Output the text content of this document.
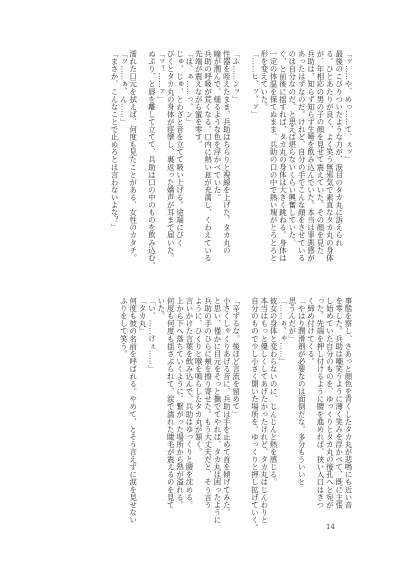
「ッ……や、めっ……て、ぇッ」
最後のこびりついたような力が、涙目のタカ丸に訴えられ
る。ひとあたりが良く、よく笑う無邪気で素直なタカ丸の身体
が、年相応の男の子の顔を見せて震えていた。その顔を見た
兵助は、知らず知らず生唾を飲み込んでいた。本当は罪悪感が
あったはずなのだ。けれど、自分の手でこんな顔をさせている
のは自分なのだ、と思えば堪らないくらい興奮していた。
ぐ、と前後に揺すれば、タカ丸の身体は大きく跳ねる。身体は
一定の体温を保てぬまま、兵助の口の中で熱い塊がとろとろと
形を変えていた。
「……ヒ、ッ、ァ」
「ふ……ンッ」
性器を咥えたまま、兵助はちらりと視線を上げた。タカ丸の
瞳が潤んで、縋るような色を浮かべていた。
兵助の呼吸が荒くなる。口内に熱い息が充満し、くわえている
先端が震えながら蜜を零す。
「は、ぁ……っ、ン」
じゅ、じゅ、とわざと音を立てて吸い上げる。途端にびく
びくとタカ丸の身体が痙攣し、裏返った嬌声が耳まで届いた。
「ッ！……ァ」
ぬぷり、と唇を離して立てて、兵助は口の中のものを飲み込む。
濡れた口元を拭えば、何度も見たことがある、女性のカタチ。
「ッ……ぁ、ん……」
「まさか、こんなことで止めろとは言わないよな？」
事態を察し、さあっと顔色を青くしたタカ丸が悲鳴にも近い音
を零した。兵助は嘲笑うように薄く笑みを浮かべて、既に主張
し始めていた自分のものを、ゆっくりとタカ丸の後孔へと宛が
った。先端を押し付けるように腰を進めれば、狭い入口はきつ
く締め付けてくる。
「やはり潤滑剤が必要なのは面倒だな。多分もういいと
思うんだが」
「……ぁ、ゃ……」
彼女の身体と変わらないのに、じんじんと熱を感じる。
本当はもっと優しくしてあげたかったけれど、タカ丸はじんわりと
自分のもので少し小さく開いた場所を、ゆっくりと押し拡げていく。
「辛ずるな。後ほど言流を留めて」
小さくしゃくりあげる音に、兵助は手を止めて首を傾げてみた。
と思い、僅かに目元をそっと撫でてやれば、タカ丸は困ったように
兵助の手のひらに頬を擦り寄せた。もう大丈夫だと、そう言う
ように、ひくりと喉を鳴らしたタカ丸が頷く。
言いかけた言葉を飲み込んで、兵助はゆっくりと腰を沈める。
上から下へ落ちていくように、繋がった場所から熱が溢れる。
何度も何度も揺さぶられて、涙で濡れた睫毛が震えるのを見て
いた。
「い、……けぇ……」
「タカ丸」
何度も彼の名前を呼ばれる。やめて、とそう言えずに涙を見せない
ふりをして笑う。
14
